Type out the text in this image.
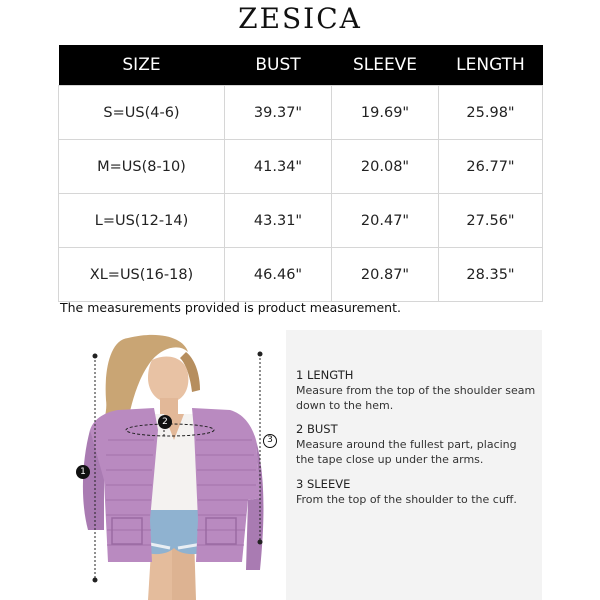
ZESICA
SIZE	BUST	SLEEVE	LENGTH
S=US(4-6)	39.37"	19.69"	25.98"
M=US(8-10)	41.34"	20.08"	26.77"
L=US(12-14)	43.31"	20.47"	27.56"
XL=US(16-18)	46.46"	20.87"	28.35"
The measurements provided is product measurement.
1
2
3
1 LENGTH
Measure from the top of the shoulder seam down to the hem.
2 BUST
Measure around the fullest part, placing the tape close up under the arms.
3 SLEEVE
From the top of the shoulder to the cuff.
